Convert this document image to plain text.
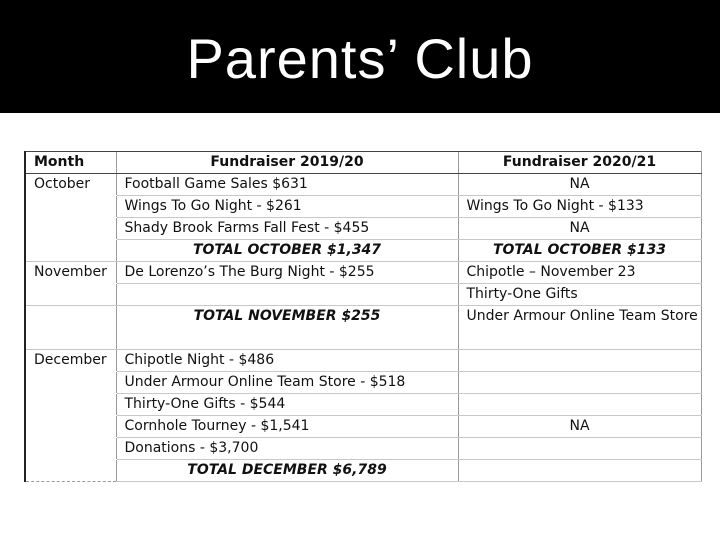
Parents’ Club
Month	Fundraiser 2019/20	Fundraiser 2020/21
October	Football Game Sales $631	NA
	Wings To Go Night - $261	Wings To Go Night - $133
	Shady Brook Farms Fall Fest - $455	NA
	TOTAL OCTOBER $1,347	TOTAL OCTOBER $133
November	De Lorenzo’s The Burg Night - $255	Chipotle – November 23
		Thirty-One Gifts
	TOTAL NOVEMBER $255	Under Armour Online Team Store
December	Chipotle Night - $486	
	Under Armour Online Team Store - $518	
	Thirty-One Gifts - $544	
	Cornhole Tourney - $1,541	NA
	Donations - $3,700	
	TOTAL DECEMBER $6,789	
